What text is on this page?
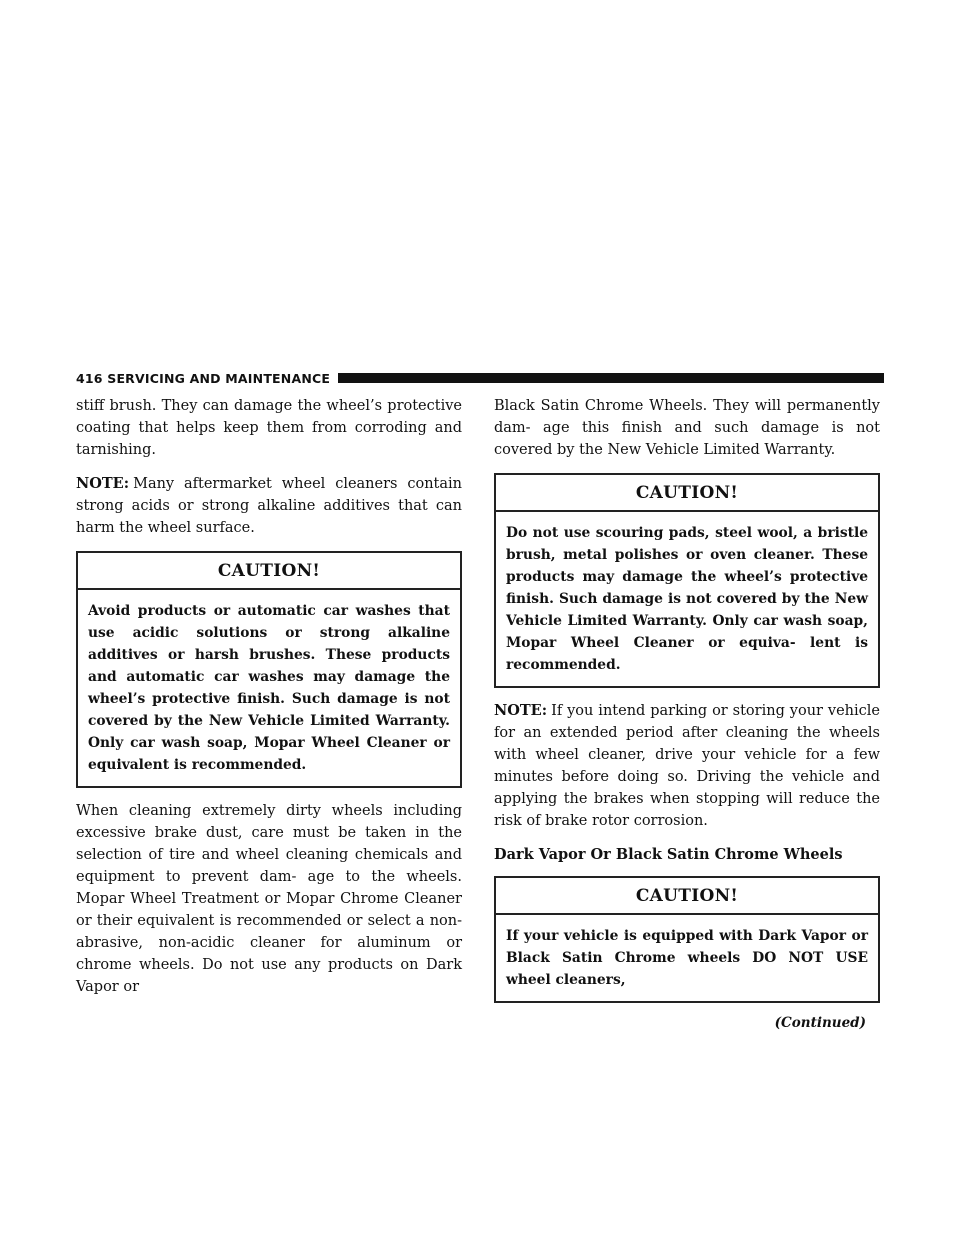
416 SERVICING AND MAINTENANCE

stiff brush. They can damage the wheel’s protective coating that helps keep them from corroding and tarnishing.

NOTE: Many aftermarket wheel cleaners contain strong acids or strong alkaline additives that can harm the wheel surface.

CAUTION!
Avoid products or automatic car washes that use acidic solutions or strong alkaline additives or harsh brushes. These products and automatic car washes may damage the wheel’s protective finish. Such damage is not covered by the New Vehicle Limited Warranty. Only car wash soap, Mopar Wheel Cleaner or equivalent is recommended.

When cleaning extremely dirty wheels including excessive brake dust, care must be taken in the selection of tire and wheel cleaning chemicals and equipment to prevent dam- age to the wheels. Mopar Wheel Treatment or Mopar Chrome Cleaner or their equivalent is recommended or select a non-abrasive, non-acidic cleaner for aluminum or chrome wheels. Do not use any products on Dark Vapor or

Black Satin Chrome Wheels. They will permanently dam- age this finish and such damage is not covered by the New Vehicle Limited Warranty.

CAUTION!
Do not use scouring pads, steel wool, a bristle brush, metal polishes or oven cleaner. These products may damage the wheel’s protective finish. Such damage is not covered by the New Vehicle Limited Warranty. Only car wash soap, Mopar Wheel Cleaner or equiva- lent is recommended.

NOTE: If you intend parking or storing your vehicle for an extended period after cleaning the wheels with wheel cleaner, drive your vehicle for a few minutes before doing so. Driving the vehicle and applying the brakes when stopping will reduce the risk of brake rotor corrosion.

Dark Vapor Or Black Satin Chrome Wheels
CAUTION!
If your vehicle is equipped with Dark Vapor or Black Satin Chrome wheels DO NOT USE wheel cleaners,
(Continued)
